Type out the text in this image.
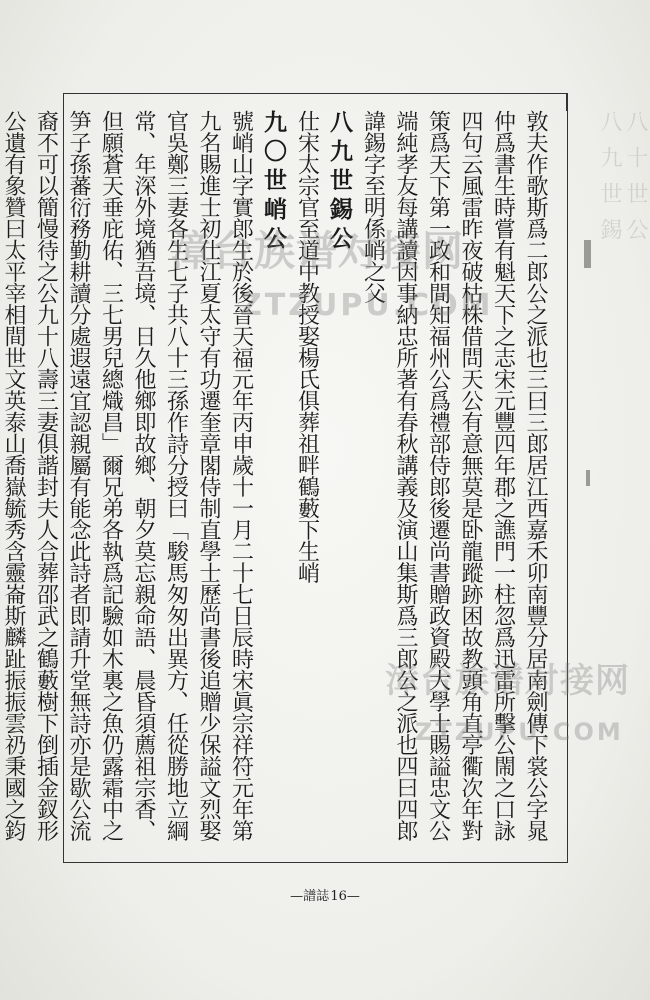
八九世錫 八十世公
敦夫作歌斯爲二郎公之派也三曰三郎居江西嘉禾卯南豐分居南劍傳下裳公字晁
仲爲書生時嘗有魁天下之志宋元豐四年郡之譙門一柱忽爲迅雷所擊公閙之口詠
四句云風雷昨夜破枯株借問天公有意無莫是卧龍蹤跡困故教頭角直亭衢次年對
策爲天下第一政和間知福州公爲禮部侍郎後遷尚書贈政資殿大學士賜謚忠文公
端純孝友每講讀因事納忠所著有春秋講義及演山集斯爲三郎公之派也四曰四郎
諱錫字至明係峭之父
八九世錫公
仕宋太宗官至道中教授娶楊氏俱葬祖畔鶴藪下生峭
九〇世峭公
號峭山字實郎生於後晉天福元年丙申歲十一月二十七日辰時宋眞宗祥符元年第
九名賜進士初仕江夏太守有功遷奎章閣侍制直學士歷尚書後追贈少保謚文烈娶
官吳鄭三妻各生七子共八十三孫作詩分授曰「駿馬匆匆出異方、任從勝地立綱
常、年深外境猶吾境、日久他鄉即故鄉、朝夕莫忘親命語、晨昏須薦祖宗香、
但願蒼天垂庇佑、三七男兒總熾昌」爾兄弟各執爲記驗如木裏之魚仍露霜中之
笋子孫蕃衍務勤耕讀分處遐遠宜認親屬有能念此詩者即請升堂無詩亦是歇公流
裔不可以簡慢待之公九十八壽三妻俱諧封夫人合葬邵武之鶴藪樹下倒插金釵形
公遺有象贊曰太平宰相間世文英泰山喬嶽毓秀含靈崙斯麟趾振振雲礽秉國之鈞	漳台族谱对接网
ZTZUPU.COM
漳台族谱对接网
ZTZUPU.COM
—譜誌 16—
